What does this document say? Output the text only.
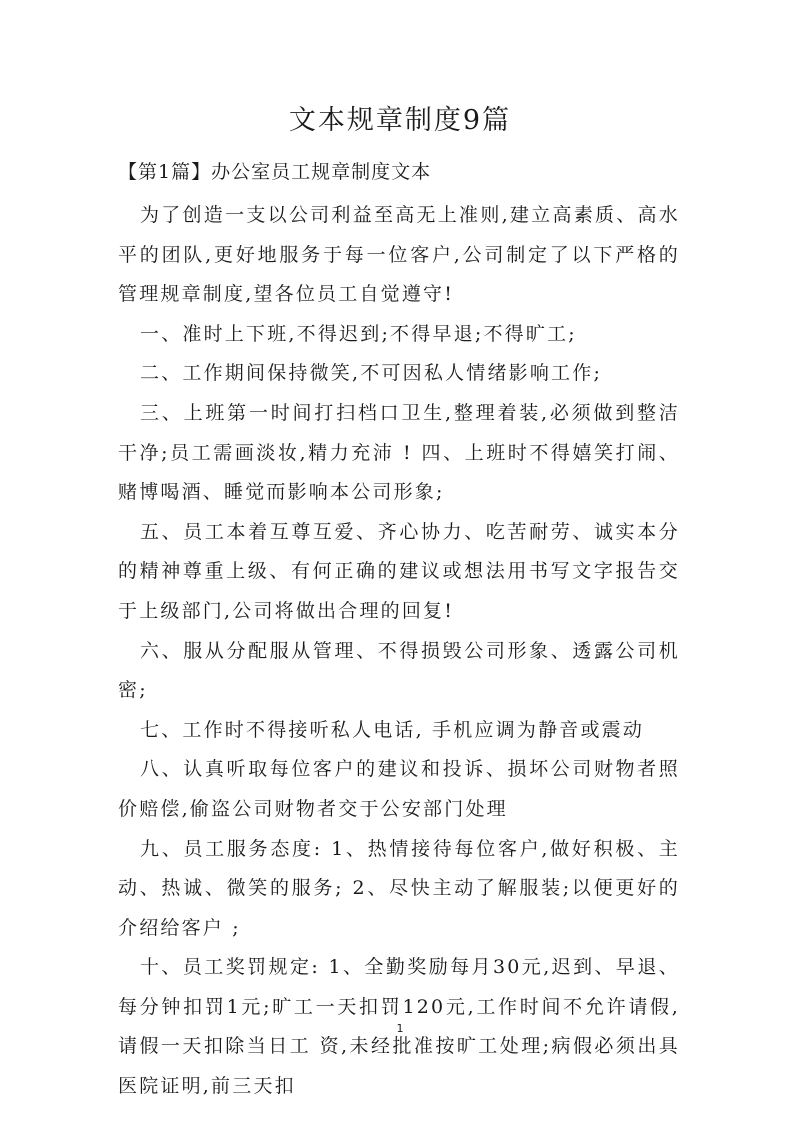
文本规章制度9篇
【第1篇】办公室员工规章制度文本

为了创造一支以公司利益至高无上准则,建立高素质、高水平的团队,更好地服务于每一位客户,公司制定了以下严格的管理规章制度,望各位员工自觉遵守!

一、准时上下班,不得迟到;不得早退;不得旷工;

二、工作期间保持微笑,不可因私人情绪影响工作;

三、上班第一时间打扫档口卫生,整理着装,必须做到整洁干净;员工需画淡妆,精力充沛 ! 四、上班时不得嬉笑打闹、赌博喝酒、睡觉而影响本公司形象;

五、员工本着互尊互爱、齐心协力、吃苦耐劳、诚实本分的精神尊重上级、有何正确的建议或想法用书写文字报告交于上级部门,公司将做出合理的回复!

六、服从分配服从管理、不得损毁公司形象、透露公司机密;

七、工作时不得接听私人电话, 手机应调为静音或震动

八、认真听取每位客户的建议和投诉、损坏公司财物者照价赔偿,偷盗公司财物者交于公安部门处理

九、员工服务态度: 1、热情接待每位客户,做好积极、主动、热诚、微笑的服务; 2、尽快主动了解服装;以便更好的介绍给客户 ;

十、员工奖罚规定: 1、全勤奖励每月30元,迟到、早退、每分钟扣罚1元;旷工一天扣罚120元,工作时间不允许请假,请假一天扣除当日工 资,未经批准按旷工处理;病假必须出具医院证明,前三天扣

1
